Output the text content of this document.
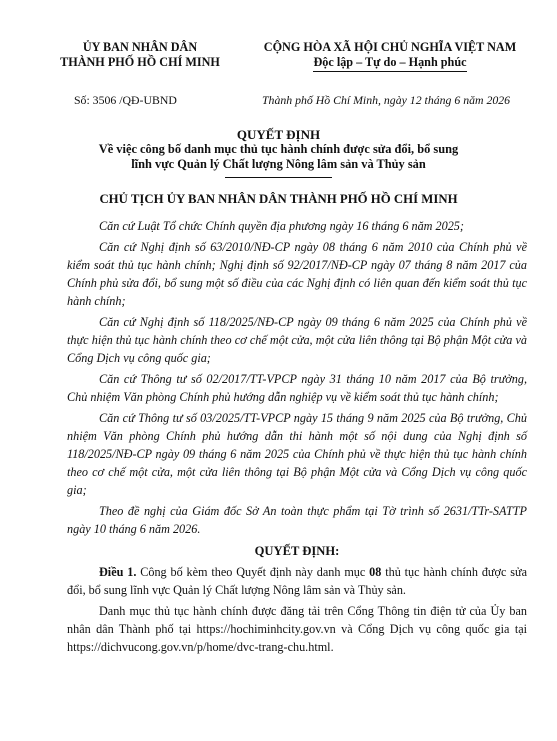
ỦY BAN NHÂN DÂN
THÀNH PHỐ HỒ CHÍ MINH
CỘNG HÒA XÃ HỘI CHỦ NGHĨA VIỆT NAM
Độc lập – Tự do – Hạnh phúc
Số: 3506 /QĐ-UBND	Thành phố Hồ Chí Minh, ngày 12 tháng 6 năm 2026
QUYẾT ĐỊNH
Về việc công bố danh mục thủ tục hành chính được sửa đổi, bổ sung
lĩnh vực Quản lý Chất lượng Nông lâm sản và Thủy sản
CHỦ TỊCH ỦY BAN NHÂN DÂN THÀNH PHỐ HỒ CHÍ MINH

Căn cứ Luật Tổ chức Chính quyền địa phương ngày 16 tháng 6 năm 2025;

Căn cứ Nghị định số 63/2010/NĐ-CP ngày 08 tháng 6 năm 2010 của Chính phủ về kiểm soát thủ tục hành chính; Nghị định số 92/2017/NĐ-CP ngày 07 tháng 8 năm 2017 của Chính phủ sửa đổi, bổ sung một số điều của các Nghị định có liên quan đến kiểm soát thủ tục hành chính;

Căn cứ Nghị định số 118/2025/NĐ-CP ngày 09 tháng 6 năm 2025 của Chính phủ về thực hiện thủ tục hành chính theo cơ chế một cửa, một cửa liên thông tại Bộ phận Một cửa và Cổng Dịch vụ công quốc gia;

Căn cứ Thông tư số 02/2017/TT-VPCP ngày 31 tháng 10 năm 2017 của Bộ trưởng, Chủ nhiệm Văn phòng Chính phủ hướng dẫn nghiệp vụ về kiểm soát thủ tục hành chính;

Căn cứ Thông tư số 03/2025/TT-VPCP ngày 15 tháng 9 năm 2025 của Bộ trưởng, Chủ nhiệm Văn phòng Chính phủ hướng dẫn thi hành một số nội dung của Nghị định số 118/2025/NĐ-CP ngày 09 tháng 6 năm 2025 của Chính phủ về thực hiện thủ tục hành chính theo cơ chế một cửa, một cửa liên thông tại Bộ phận Một cửa và Cổng Dịch vụ công quốc gia;

Theo đề nghị của Giám đốc Sở An toàn thực phẩm tại Tờ trình số 2631/TTr-SATTP ngày 10 tháng 6 năm 2026.

QUYẾT ĐỊNH:

Điều 1. Công bố kèm theo Quyết định này danh mục 08 thủ tục hành chính được sửa đổi, bổ sung lĩnh vực Quản lý Chất lượng Nông lâm sản và Thủy sản.

Danh mục thủ tục hành chính được đăng tải trên Cổng Thông tin điện tử của Ủy ban nhân dân Thành phố tại https://hochiminhcity.gov.vn và Cổng Dịch vụ công quốc gia tại https://dichvucong.gov.vn/p/home/dvc-trang-chu.html.
